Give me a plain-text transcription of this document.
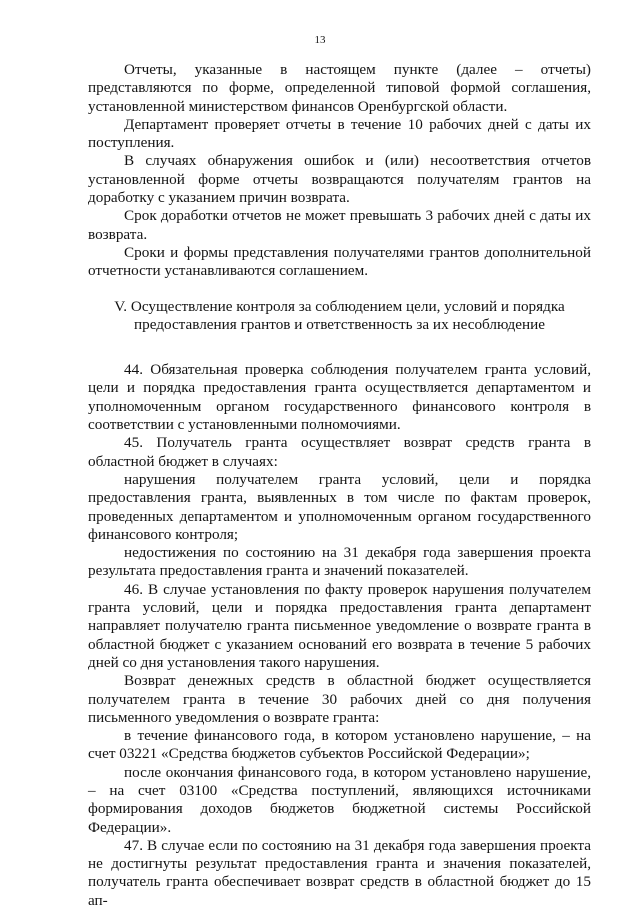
13

Отчеты, указанные в настоящем пункте (далее – отчеты) представляются по форме, определенной типовой формой соглашения, установленной министерством финансов Оренбургской области.

Департамент проверяет отчеты в течение 10 рабочих дней с даты их поступления.

В случаях обнаружения ошибок и (или) несоответствия отчетов установленной форме отчеты возвращаются получателям грантов на доработку с указанием причин возврата.

Срок доработки отчетов не может превышать 3 рабочих дней с даты их возврата.

Сроки и формы представления получателями грантов дополнительной отчетности устанавливаются соглашением.

V. Осуществление контроля за соблюдением цели, условий и порядка

предоставления грантов и ответственность за их несоблюдение

44. Обязательная проверка соблюдения получателем гранта условий, цели и порядка предоставления гранта осуществляется департаментом и уполномоченным органом государственного финансового контроля в соответствии с установленными полномочиями.

45. Получатель гранта осуществляет возврат средств гранта в областной бюджет в случаях:

нарушения получателем гранта условий, цели и порядка предоставления гранта, выявленных в том числе по фактам проверок, проведенных департаментом и уполномоченным органом государственного финансового контроля;

недостижения по состоянию на 31 декабря года завершения проекта результата предоставления гранта и значений показателей.

46. В случае установления по факту проверок нарушения получателем гранта условий, цели и порядка предоставления гранта департамент направляет получателю гранта письменное уведомление о возврате гранта в областной бюджет с указанием оснований его возврата в течение 5 рабочих дней со дня установления такого нарушения.

Возврат денежных средств в областной бюджет осуществляется получателем гранта в течение 30 рабочих дней со дня получения письменного уведомления о возврате гранта:

в течение финансового года, в котором установлено нарушение, – на счет 03221 «Средства бюджетов субъектов Российской Федерации»;

после окончания финансового года, в котором установлено нарушение, – на счет 03100 «Средства поступлений, являющихся источниками формирования доходов бюджетов бюджетной системы Российской Федерации».

47. В случае если по состоянию на 31 декабря года завершения проекта не достигнуты результат предоставления гранта и значения показателей, получатель гранта обеспечивает возврат средств в областной бюджет до 15 ап-
